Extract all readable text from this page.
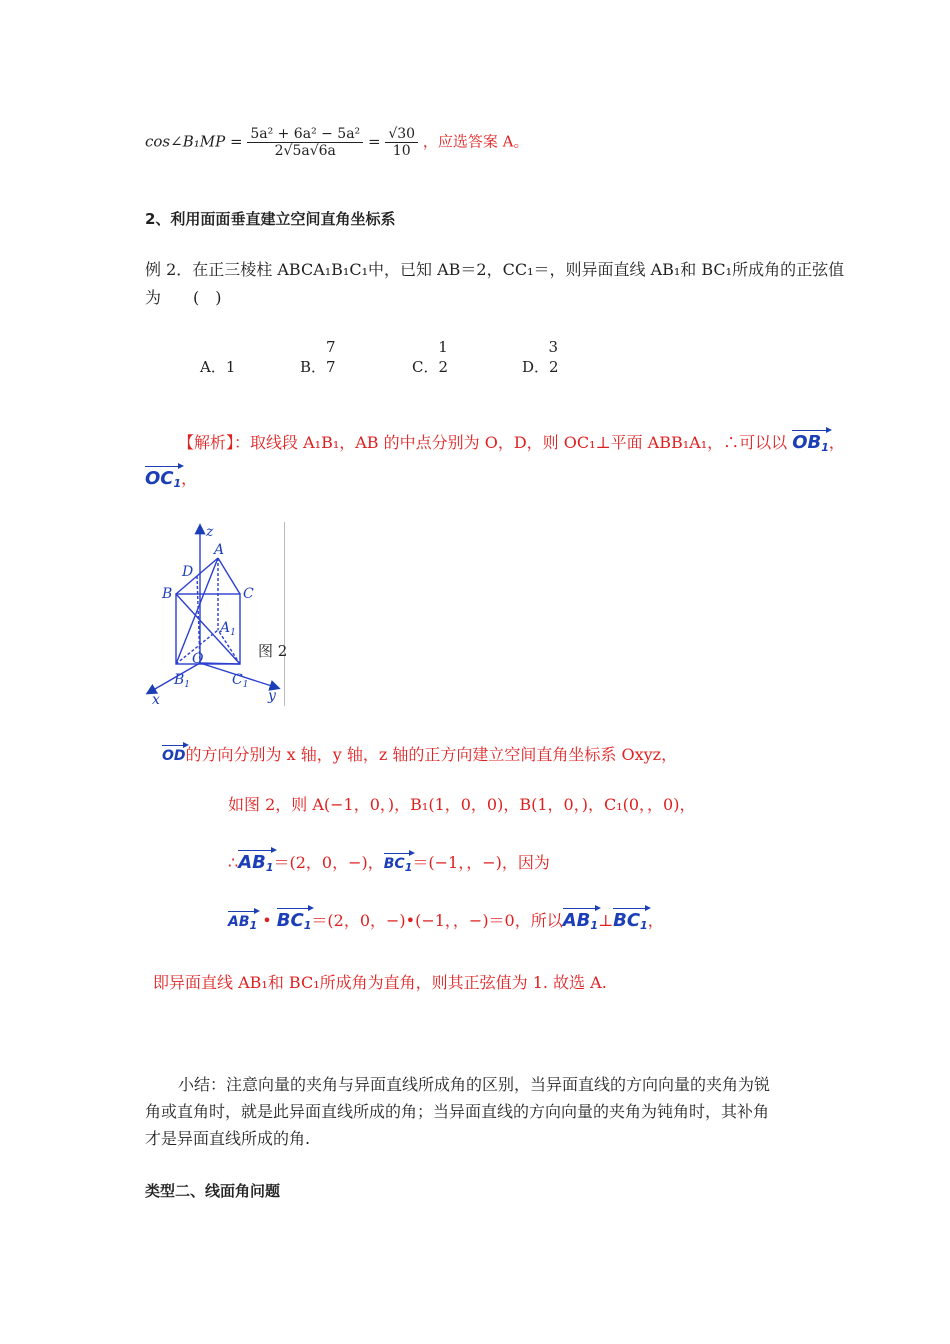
cos∠B₁MP = $\frac{\text{5a² + 6a² − 5a²}}{2√5a√6a} = \frac{√30}{10}$ ，应选答案 A。
2、利用面面垂直建立空间直角坐标系
例 2．在正三棱柱 ABCA₁B₁C₁中，已知 AB＝2，CC₁＝，则异面直线 AB₁和 BC₁所成角的正弦值
为　　(　)
A．1
7
B．7
1
C．2
3
D．2
【解析】：取线段 A₁B₁，AB 的中点分别为 O，D，则 OC₁⊥平面 ABB₁A₁，∴可以以 $OB_1$，
$OC_1$，
z
A
D
B	C
$A_1$
O
$B_1$	$C_1$
x	y
图 2
OD的方向分别为 x 轴，y 轴，z 轴的正方向建立空间直角坐标系 Oxyz，
如图 2，则 A(−1，0，)，B₁(1，0，0)，B(1，0，)，C₁(0，，0)，
$\therefore AB_1=(2$，0，−)，$BC_1=(-1$，，−)，因为
$AB_1$ • $BC_1=(2$，0，−)•(−1，，−)＝0，所以$AB_1\perp BC_1$，
即异面直线 AB₁和 BC₁所成角为直角，则其正弦值为 1. 故选 A.
小结：注意向量的夹角与异面直线所成角的区别，当异面直线的方向向量的夹角为锐
角或直角时，就是此异面直线所成的角；当异面直线的方向向量的夹角为钝角时，其补角
才是异面直线所成的角.
类型二、线面角问题
